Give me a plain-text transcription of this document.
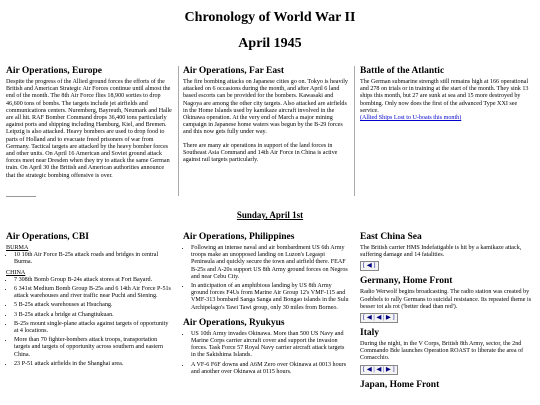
Chronology of World War II
April 1945
Air Operations, Europe

Despite the progress of the Allied ground forces the efforts of the British and American Strategic Air Forces continue until almost the end of the month. The 8th Air Force flies 18,900 sorties to drop 46,600 tons of bombs. The targets include jet airfields and communications centers. Nuremberg, Bayreuth, Neumark and Halle are all hit. RAF Bomber Command drops 36,400 tons particularly against ports and shipping including Hamburg, Kiel, and Bremen. Leipzig is also attacked. Heavy bombers are used to drop food to parts of Holland and to evacuate freed prisoners of war from Germany. Tactical targets are attacked by the heavy bomber forces and other units. On April 16 American and Soviet ground attack forces meet near Dresden when they try to attack the same German train. On April 30 the British and American authorities announce that the strategic bombing offensive is over.

Air Operations, Far East

The fire bombing attacks on Japanese cities go on. Tokyo is heavily attacked on 6 occasions during the month, and after April 6 land based escorts can be provided for the bombers. Kawasaki and Nagoya are among the other city targets. Also attacked are airfields in the Home Islands used by kamikaze aircraft involved in the Okinawa operation. At the very end of March a major mining campaign in Japanese home waters was begun by the B-29 forces and this now gets fully under way.

There are many air operations in support of the land forces in Southeast Asia Command and 14th Air Force in China is active against rail targets particularly.

Battle of the Atlantic

The German submarine strength still remains high at 166 operational and 278 on trials or in training at the start of the month. They sink 13 ships this month, but 27 are sunk at sea and 15 more destroyed by bombing. Only now does the first of the advanced Type XXI see service.

(Allied Ships Lost to U-boats this month)
Sunday, April 1st
Air Operations, CBI
BURMA
• 10 10th Air Force B-25s attack roads and bridges in central Burma.
CHINA
• 7 308th Bomb Group B-24s attack stores at Fort Bayard.
• 6 341st Medium Bomb Group B-25s and 6 14th Air Force P-51s attack warehouses and river traffic near Puchi and Siening.
• 5 B-25s attack warehouses at Hsuchang.
• 3 B-25s attack a bridge at Changtiukuan.
• B-25s mount single-plane attacks against targets of opportunity at 4 locations.
• More than 70 fighter-bombers attack troops, transportation targets and targets of opportunity across southern and eastern China.
• 23 P-51 attack airfields in the Shanghai area.
Air Operations, Philippines
• Following an intense naval and air bombardment US 6th Army troops make an unopposed landing on Luzon's Legaspi Peninsula and quickly secure the town and airfield there. FEAF B-25s and A-20s support US 8th Army ground forces on Negros and near Cebu City.
• In anticipation of an amphibious landing by US 8th Army ground forces F4Us from Marine Air Group 12's VMF-115 and VMF-313 bombard Sanga Sanga and Bongao islands in the Sulu Archipelago's Tawi Tawi group, only 30 miles from Borneo.
Air Operations, Ryukyus
• US 10th Army invades Okinawa. More than 500 US Navy and Marine Corps carrier aircraft cover and support the invasion forces. Task Force 57 Royal Navy carrier aircraft attack targets in the Sakishima Islands.
• A VF-6 F6F downs and A6M Zero over Okinawa at 0013 hours and another over Okinawa at 0115 hours.
East China Sea

The British carrier HMS Indefatigable is hit by a kamikaze attack, suffering damage and 14 fatalities.

[ ◀ ]
Germany, Home Front

Radio Werwolf begins broadcasting. The radio station was created by Goebbels to rally Germans to suicidal resistance. Its repeated theme is besser tot als rot ('better dead than red').

[ ◀ | ◀ | ▶ ]
Italy

During the night, in the V Corps, British 8th Army, sector, the 2nd Commando Bde launches Operation ROAST to liberate the area of Comacchio.

[ ◀ | ◀ | ▶ ]
Japan, Home Front
